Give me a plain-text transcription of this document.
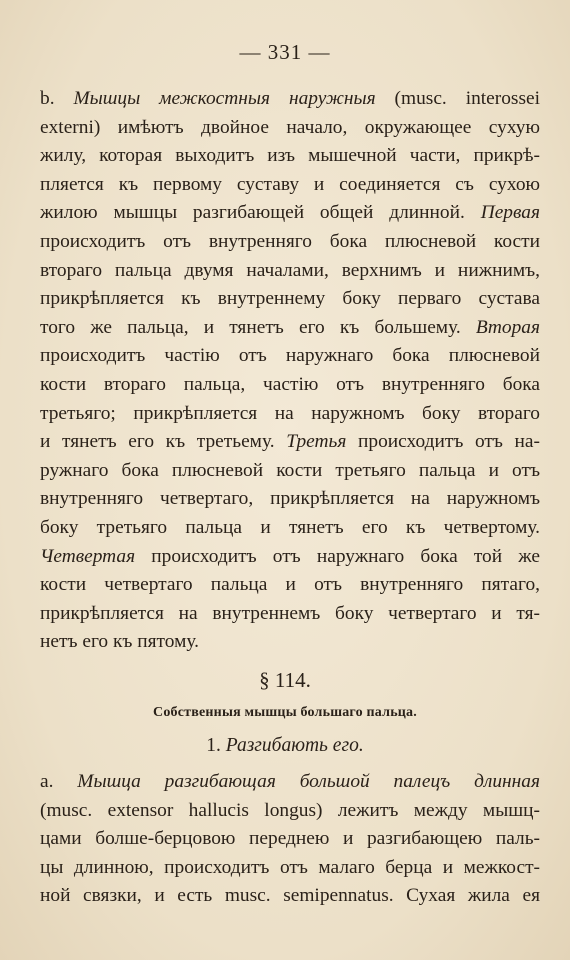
— 331 —
b. Мышцы межкостныя наружныя (musc. interossei
externi) имѣютъ двойное начало, окружающее сухую
жилу, которая выходитъ изъ мышечной части, прикрѣ-
пляется къ первому суставу и соединяется съ сухою
жилою мышцы разгибающей общей длинной. Первая
происходитъ отъ внутренняго бока плюсневой кости
втораго пальца двумя началами, верхнимъ и нижнимъ,
прикрѣпляется къ внутреннему боку перваго сустава
того же пальца, и тянетъ его къ большему. Вторая
происходитъ частію отъ наружнаго бока плюсневой
кости втораго пальца, частію отъ внутренняго бока
третьяго; прикрѣпляется на наружномъ боку втораго
и тянетъ его къ третьему. Третья происходитъ отъ на-
ружнаго бока плюсневой кости третьяго пальца и отъ
внутренняго четвертаго, прикрѣпляется на наружномъ
боку третьяго пальца и тянетъ его къ четвертому.
Четвертая происходитъ отъ наружнаго бока той же
кости четвертаго пальца и отъ внутренняго пятаго,
прикрѣпляется на внутреннемъ боку четвертаго и тя-
нетъ его къ пятому.
§ 114.
Собственныя мышцы большаго пальца.
1. Разгибають его.
a. Мышца разгибающая большой палецъ длинная
(musc. extensor hallucis longus) лежитъ между мышц-
цами болше-берцовою переднею и разгибающею паль-
цы длинною, происходитъ отъ малаго берца и межкост-
ной связки, и есть musc. semipennatus. Сухая жила ея
